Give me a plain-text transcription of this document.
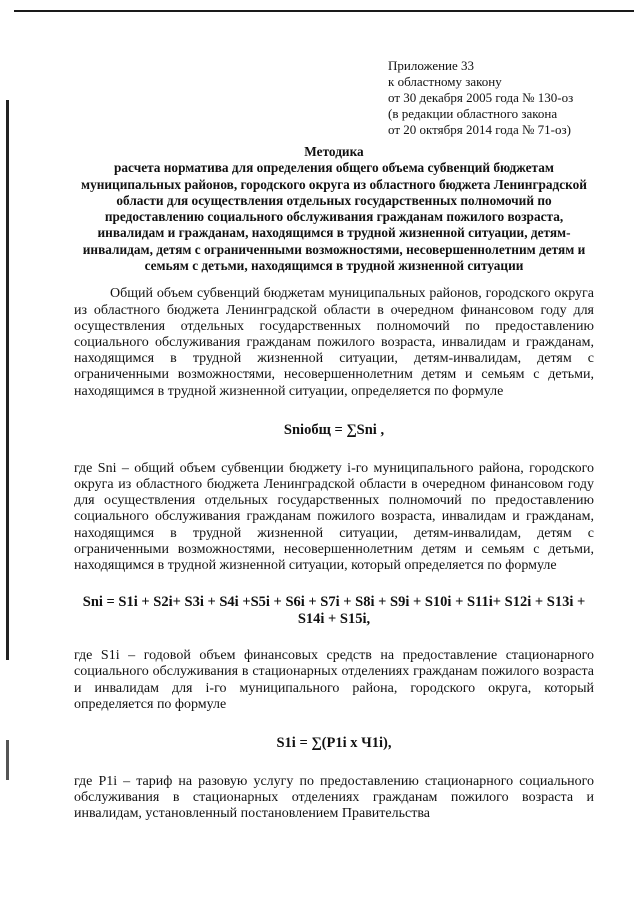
Приложение 33
к областному закону
от 30 декабря 2005 года № 130-оз
(в редакции областного закона
от 20 октября 2014 года № 71-оз)
Методика
расчета норматива для определения общего объема субвенций бюджетам муниципальных районов, городского округа из областного бюджета Ленинградской области для осуществления отдельных государственных полномочий по предоставлению социального обслуживания гражданам пожилого возраста, инвалидам и гражданам, находящимся в трудной жизненной ситуации, детям-инвалидам, детям с ограниченными возможностями, несовершеннолетним детям и семьям с детьми, находящимся в трудной жизненной ситуации

Общий объем субвенций бюджетам муниципальных районов, городского округа из областного бюджета Ленинградской области в очередном финансовом году для осуществления отдельных государственных полномочий по предоставлению социального обслуживания гражданам пожилого возраста, инвалидам и гражданам, находящимся в трудной жизненной ситуации, детям-инвалидам, детям с ограниченными возможностями, несовершеннолетним детям и семьям с детьми, находящимся в трудной жизненной ситуации, определяется по формуле

Sniобщ = ∑Sni ,

где Sni – общий объем субвенции бюджету i-го муниципального района, городского округа из областного бюджета Ленинградской области в очередном финансовом году для осуществления отдельных государственных полномочий по предоставлению социального обслуживания гражданам пожилого возраста, инвалидам и гражданам, находящимся в трудной жизненной ситуации, детям-инвалидам, детям с ограниченными возможностями, несовершеннолетним детям и семьям с детьми, находящимся в трудной жизненной ситуации, который определяется по формуле

Sni = S1i + S2i+ S3i + S4i +S5i + S6i + S7i + S8i + S9i + S10i + S11i+ S12i + S13i + S14i + S15i,

где S1i – годовой объем финансовых средств на предоставление стационарного социального обслуживания в стационарных отделениях гражданам пожилого возраста и инвалидам для i-го муниципального района, городского округа, который определяется по формуле

S1i = ∑(P1i x Ч1i),

где P1i – тариф на разовую услугу по предоставлению стационарного социального обслуживания в стационарных отделениях гражданам пожилого возраста и инвалидам, установленный постановлением Правительства
